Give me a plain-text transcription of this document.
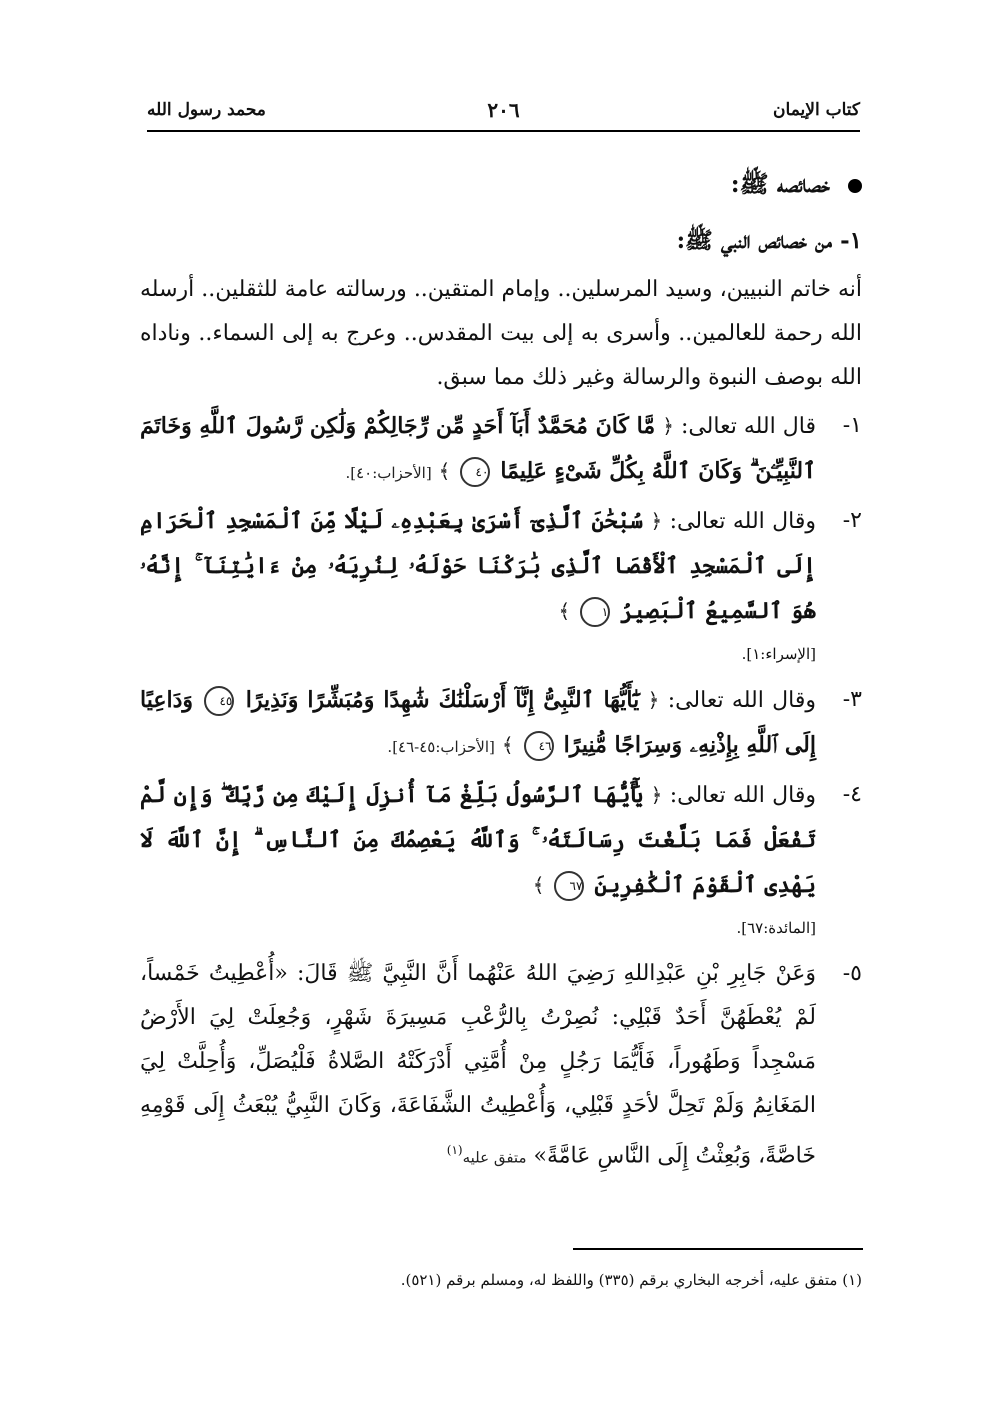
كتاب الإيمان
٢٠٦
محمد رسول الله
خصائصه ﷺ:
١- من خصائص النبي ﷺ:
أنه خاتم النبيين، وسيد المرسلين.. وإمام المتقين.. ورسالته عامة للثقلين.. أرسله الله رحمة للعالمين.. وأسرى به إلى بيت المقدس.. وعرج به إلى السماء.. وناداه الله بوصف النبوة والرسالة وغير ذلك مما سبق.
١-
قال الله تعالى: ﴿ مَّا كَانَ مُحَمَّدٌ أَبَآ أَحَدٍ مِّن رِّجَالِكُمْ وَلَٰكِن رَّسُولَ ٱللَّهِ وَخَاتَمَ ٱلنَّبِيِّـۧنَ ۗ وَكَانَ ٱللَّهُ بِكُلِّ شَىْءٍ عَلِيمًا ٤٠ ﴾ [الأحزاب:٤٠].
٢-
وقال الله تعالى: ﴿ سُبْحَٰنَ ٱلَّذِىٓ أَسْرَىٰ بِعَبْدِهِۦ لَيْلًا مِّنَ ٱلْمَسْجِدِ ٱلْحَرَامِ إِلَى ٱلْمَسْجِدِ ٱلْأَقْصَا ٱلَّذِى بَٰرَكْنَا حَوْلَهُۥ لِنُرِيَهُۥ مِنْ ءَايَٰتِنَآ ۚ إِنَّهُۥ هُوَ ٱلسَّمِيعُ ٱلْبَصِيرُ ١ ﴾
[الإسراء:١].
٣-
وقال الله تعالى: ﴿ يَٰٓأَيُّهَا ٱلنَّبِىُّ إِنَّآ أَرْسَلْنَٰكَ شَٰهِدًا وَمُبَشِّرًا وَنَذِيرًا ٤٥ وَدَاعِيًا إِلَى ٱللَّهِ بِإِذْنِهِۦ وَسِرَاجًا مُّنِيرًا ٤٦ ﴾ [الأحزاب:٤٥-٤٦].
٤-
وقال الله تعالى: ﴿ يَٰٓأَيُّهَا ٱلرَّسُولُ بَلِّغْ مَآ أُنزِلَ إِلَيْكَ مِن رَّبِّكَ ۖ وَإِن لَّمْ تَفْعَلْ فَمَا بَلَّغْتَ رِسَالَتَهُۥ ۚ وَٱللَّهُ يَعْصِمُكَ مِنَ ٱلنَّاسِ ۗ إِنَّ ٱللَّهَ لَا يَهْدِى ٱلْقَوْمَ ٱلْكَٰفِرِينَ ٦٧ ﴾
[المائدة:٦٧].
٥-
وَعَنْ جَابِرِ بْنِ عَبْدِاللهِ رَضِيَ اللهُ عَنْهُما أَنَّ النَّبِيَّ ﷺ قَالَ: «أُعْطِيتُ خَمْساً، لَمْ يُعْطَهُنَّ أَحَدٌ قَبْلِي: نُصِرْتُ بِالرُّعْبِ مَسِيرَةَ شَهْرٍ، وَجُعِلَتْ لِيَ الأَرْضُ مَسْجِداً وَطَهُوراً، فَأَيُّمَا رَجُلٍ مِنْ أُمَّتِي أَدْرَكَتْهُ الصَّلاةُ فَلْيُصَلِّ، وَأُحِلَّتْ لِيَ المَغَانِمُ وَلَمْ تَحِلَّ لأحَدٍ قَبْلِي، وَأُعْطِيتُ الشَّفَاعَةَ، وَكَانَ النَّبِيُّ يُبْعَثُ إِلَى قَوْمِهِ خَاصَّةً، وَبُعِثْتُ إِلَى النَّاسِ عَامَّةً» متفق عليه$^{(١)}$
(١) متفق عليه، أخرجه البخاري برقم (٣٣٥) واللفظ له، ومسلم برقم (٥٢١).
